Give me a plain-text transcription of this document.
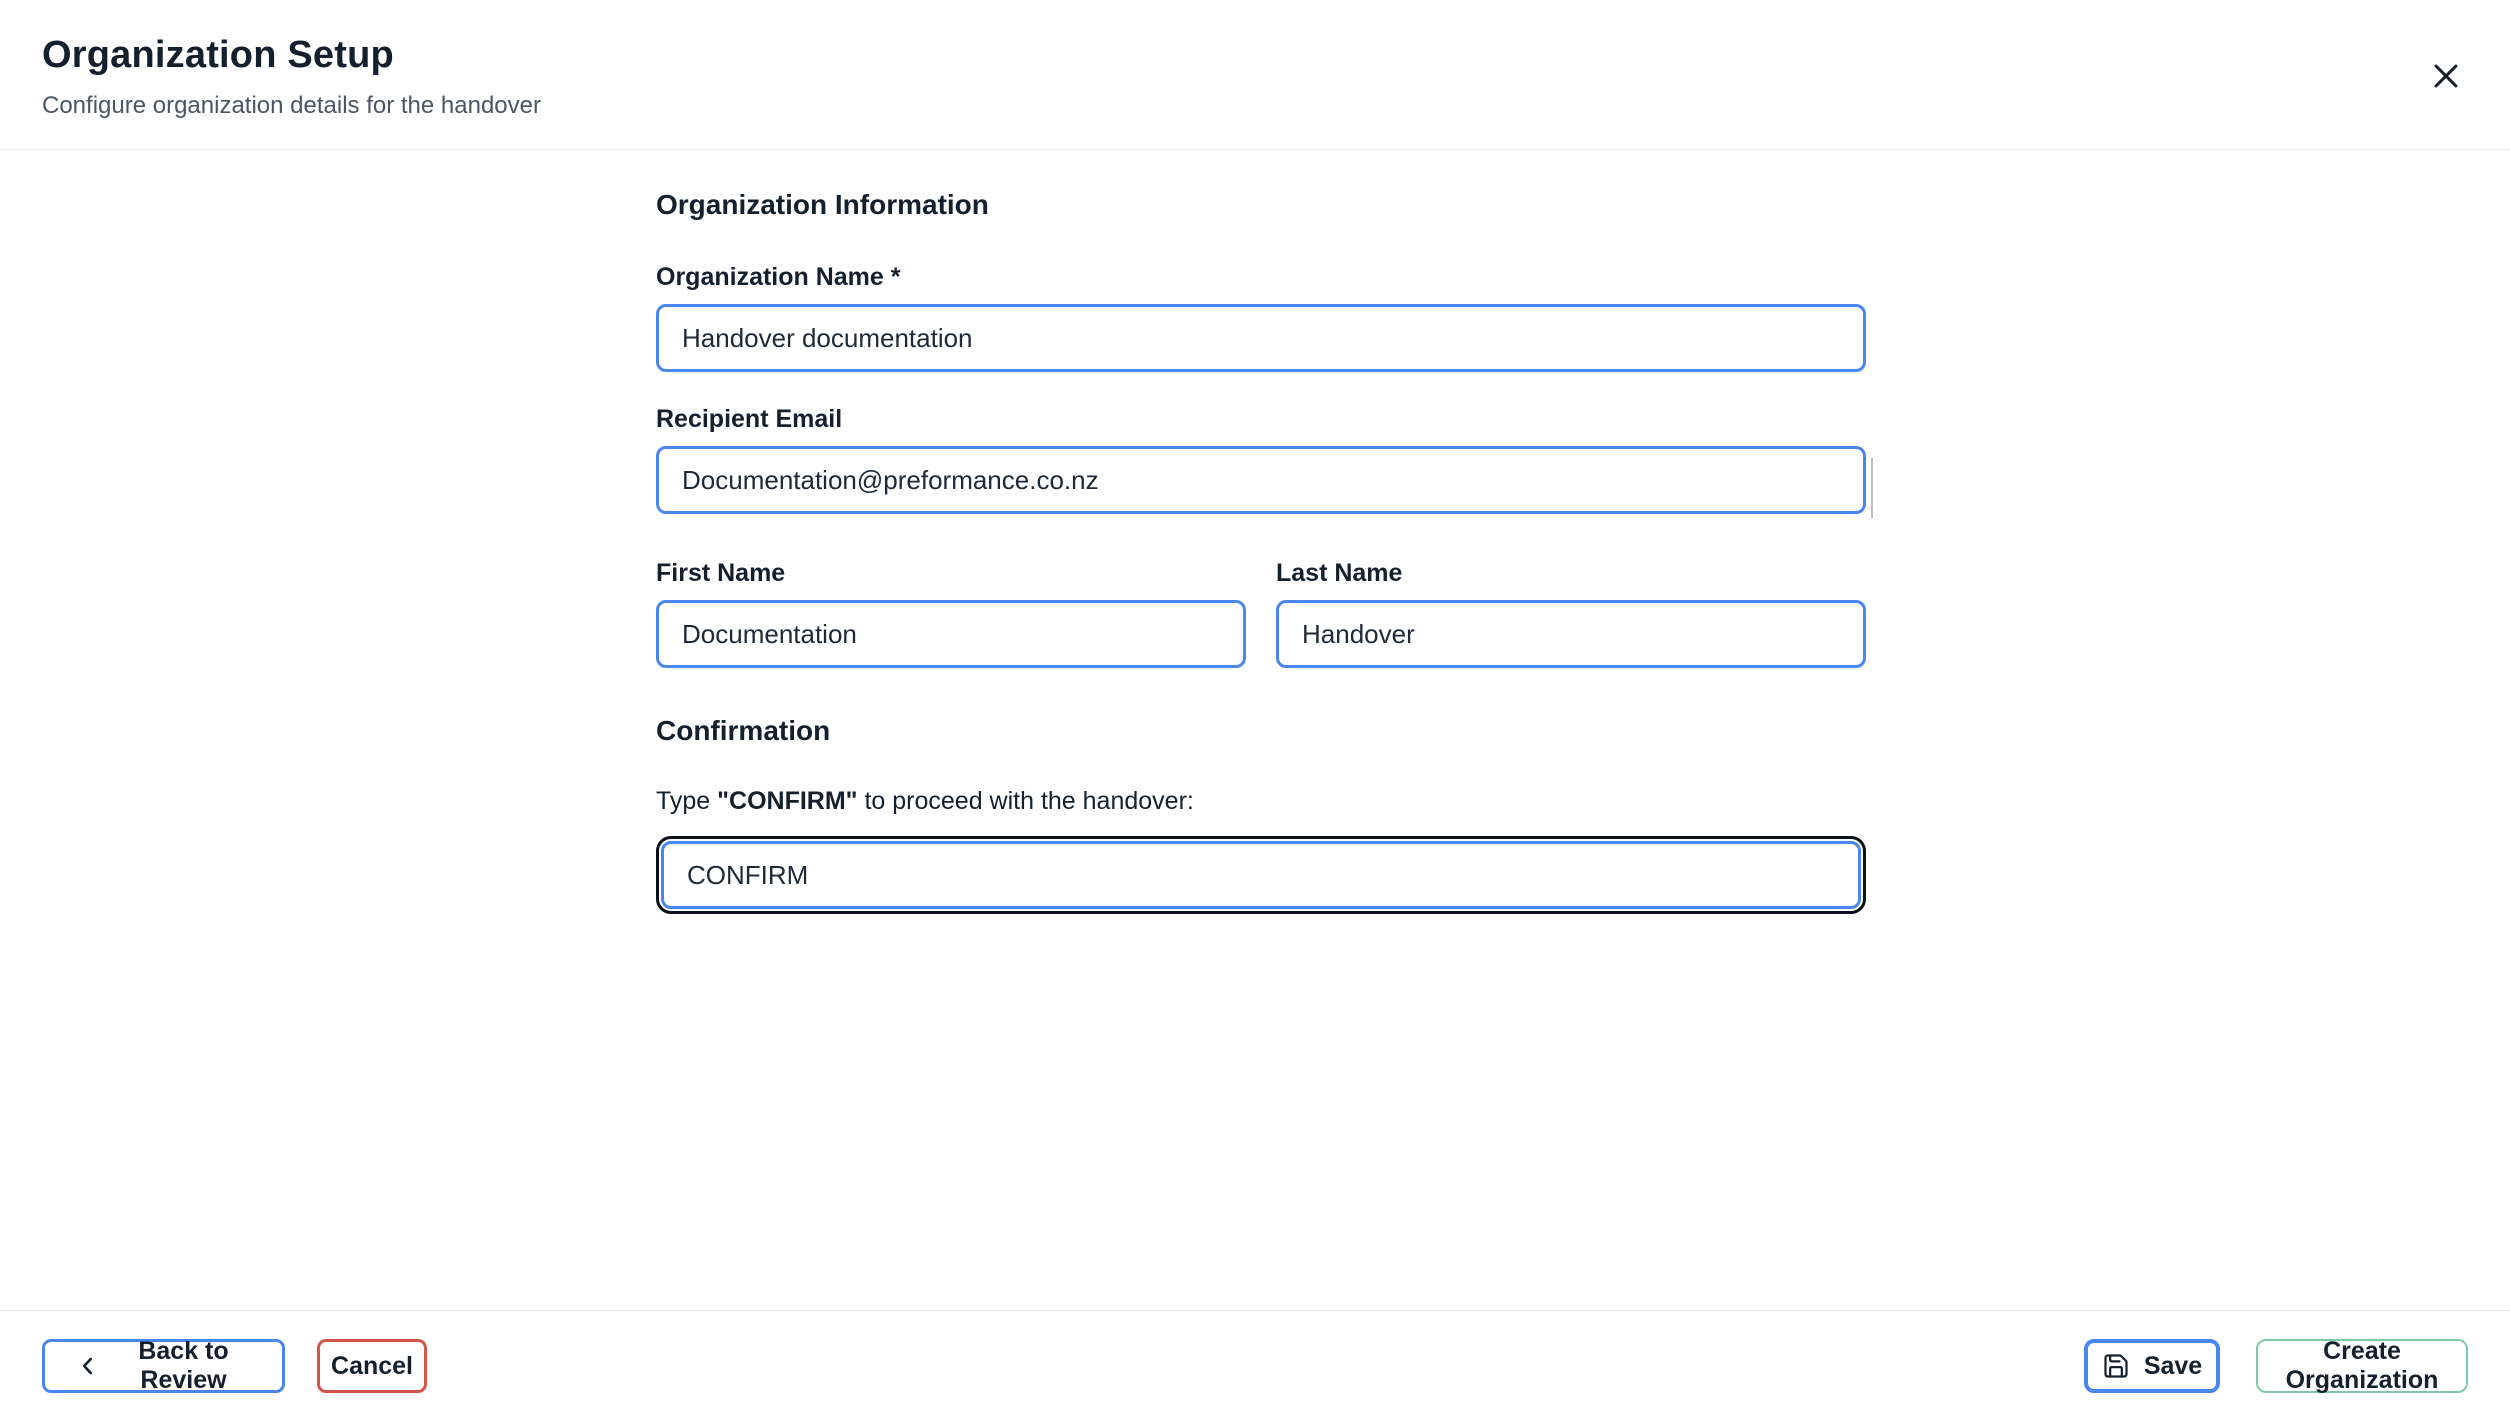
Organization Setup
Configure organization details for the handover
Organization Information
Organization Name *
Handover documentation
Recipient Email
Documentation@preformance.co.nz
First Name
Documentation	Last Name
Handover
Confirmation
Type "CONFIRM" to proceed with the handover:
CONFIRM
Back to Review
Cancel	Save
Create Organization
